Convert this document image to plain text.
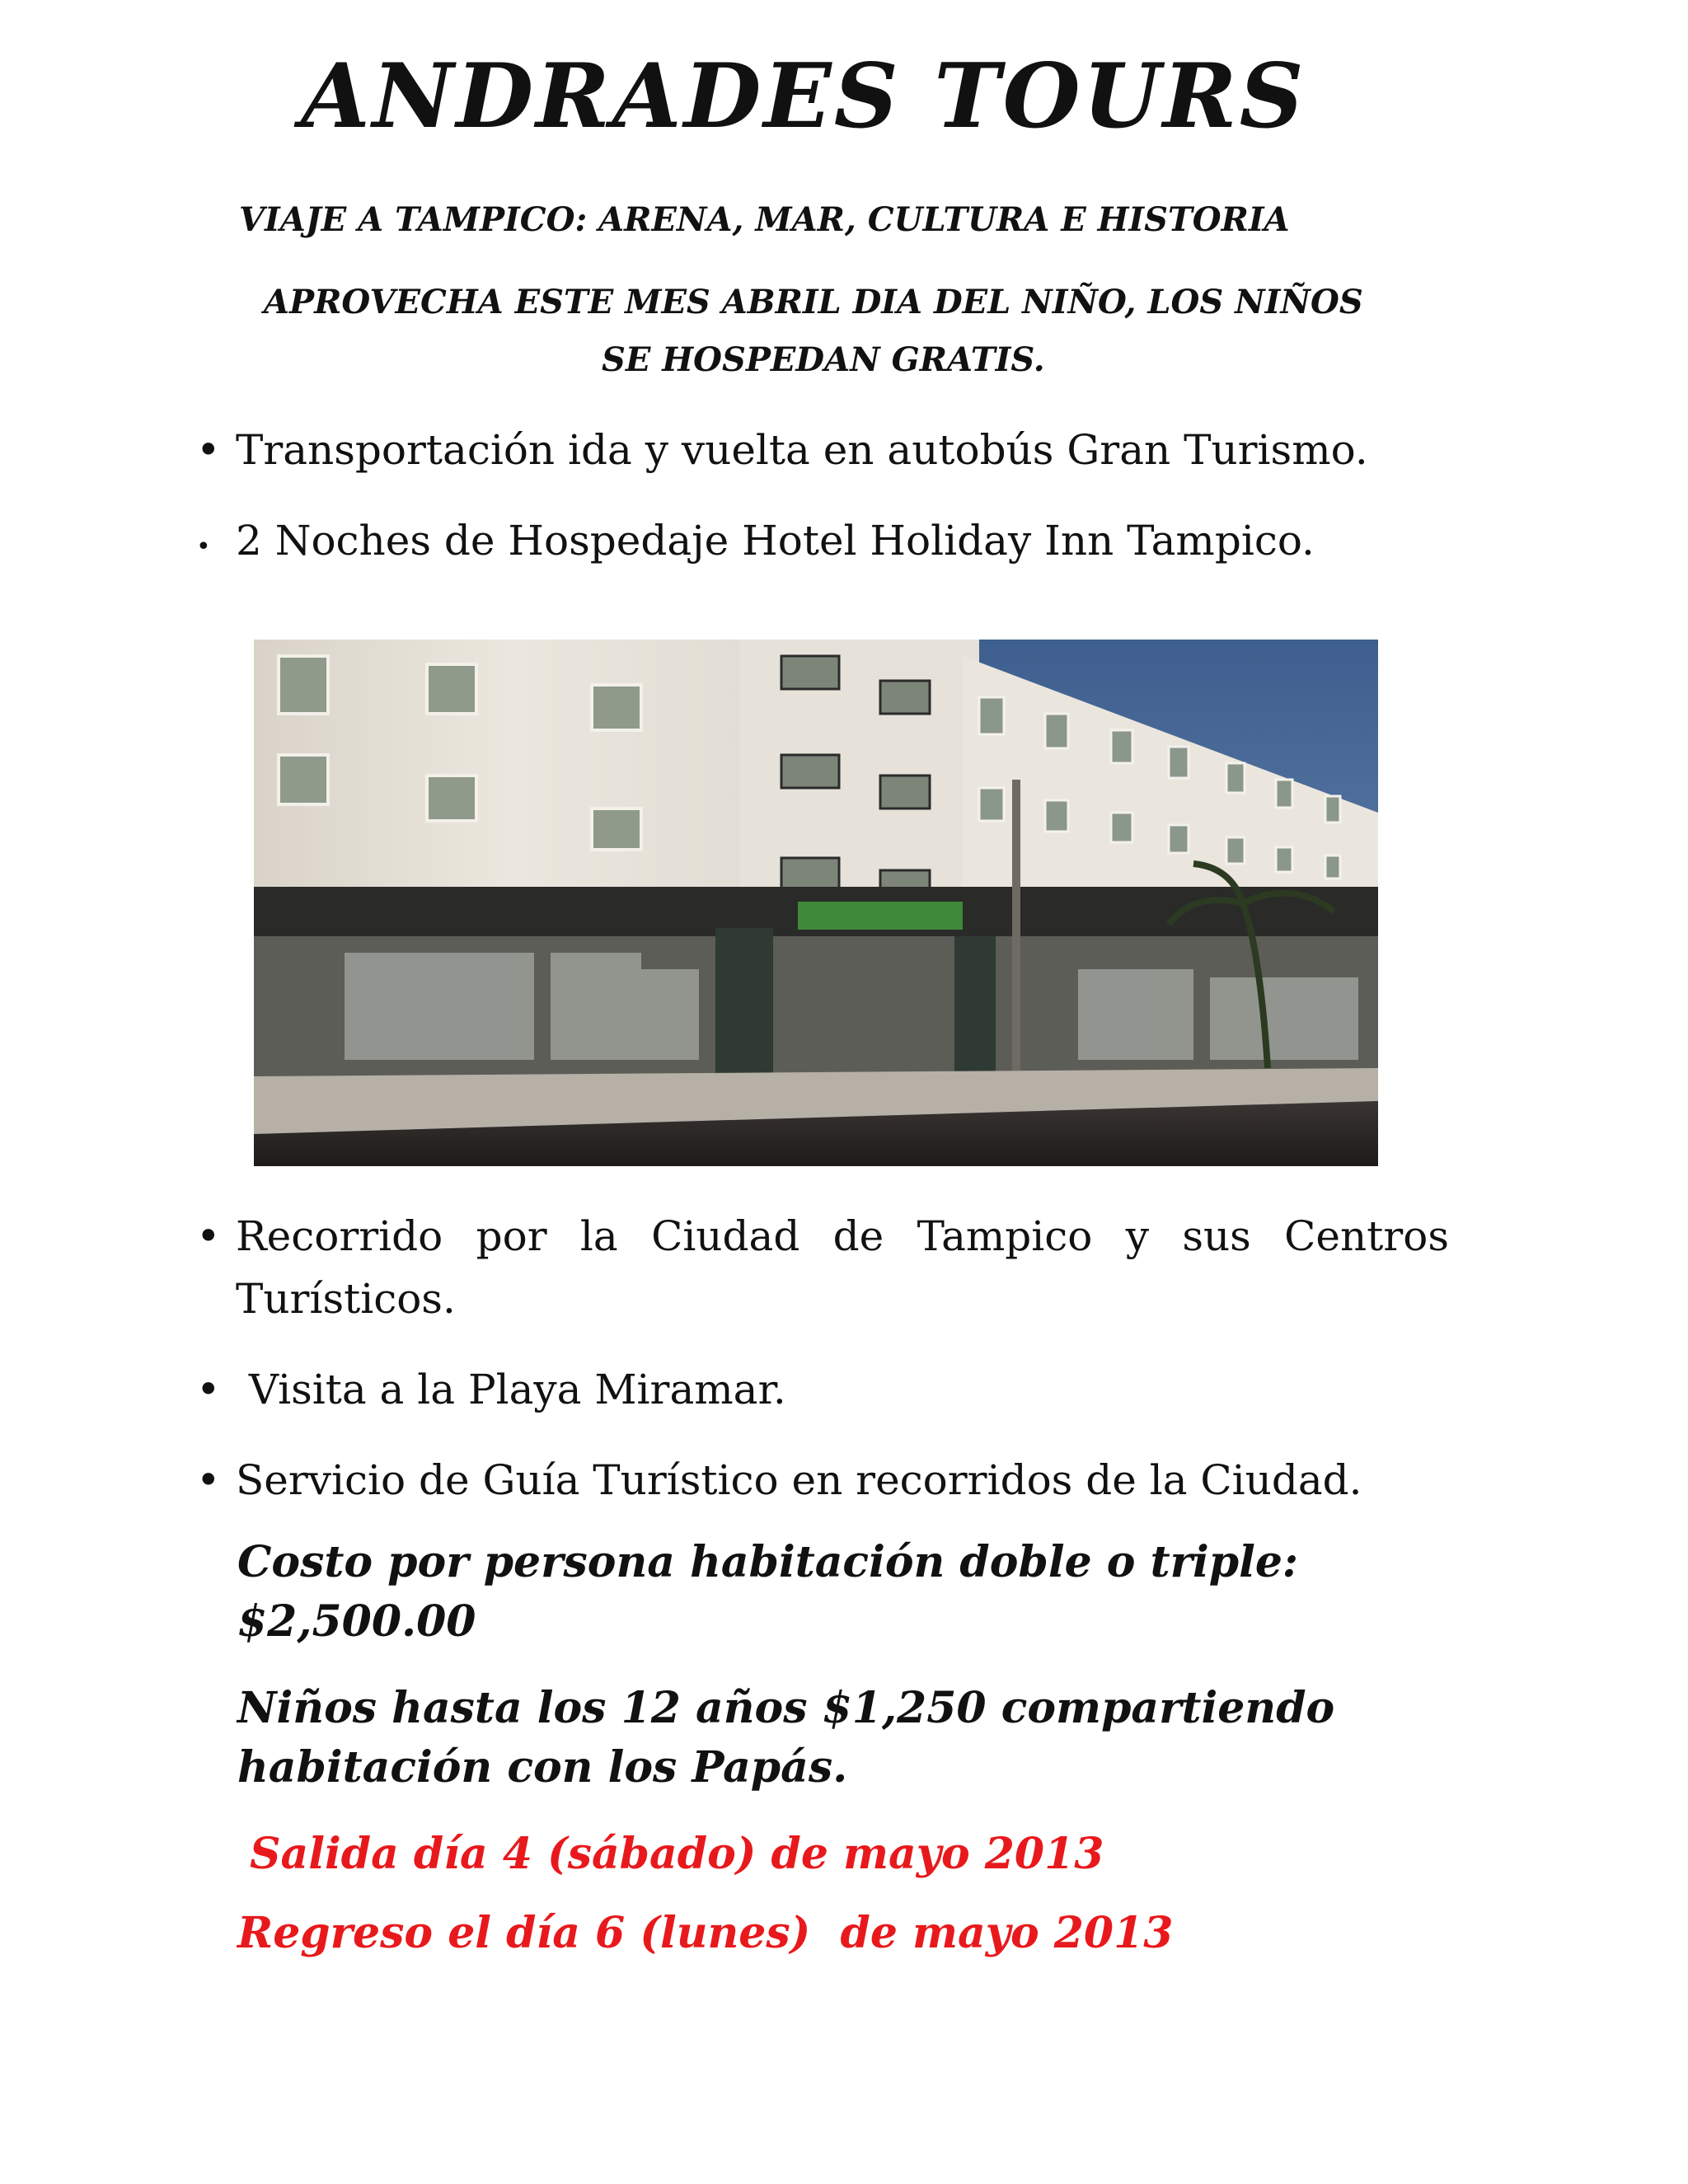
ANDRADES TOURS
VIAJE A TAMPICO: ARENA, MAR, CULTURA E HISTORIA
APROVECHA ESTE MES ABRIL DIA DEL NIÑO, LOS NIÑOS
SE HOSPEDAN GRATIS.
• Transportación ida y vuelta en autobús Gran Turismo.
• 2 Noches de Hospedaje Hotel Holiday Inn Tampico.
• Recorrido por la Ciudad de Tampico y sus Centros
Turísticos.
• Visita a la Playa Miramar.
• Servicio de Guía Turístico en recorridos de la Ciudad.
Costo por persona habitación doble o triple:
$2,500.00
Niños hasta los 12 años $1,250 compartiendo
habitación con los Papás.
Salida día 4 (sábado) de mayo 2013
Regreso el día 6 (lunes)  de mayo 2013
